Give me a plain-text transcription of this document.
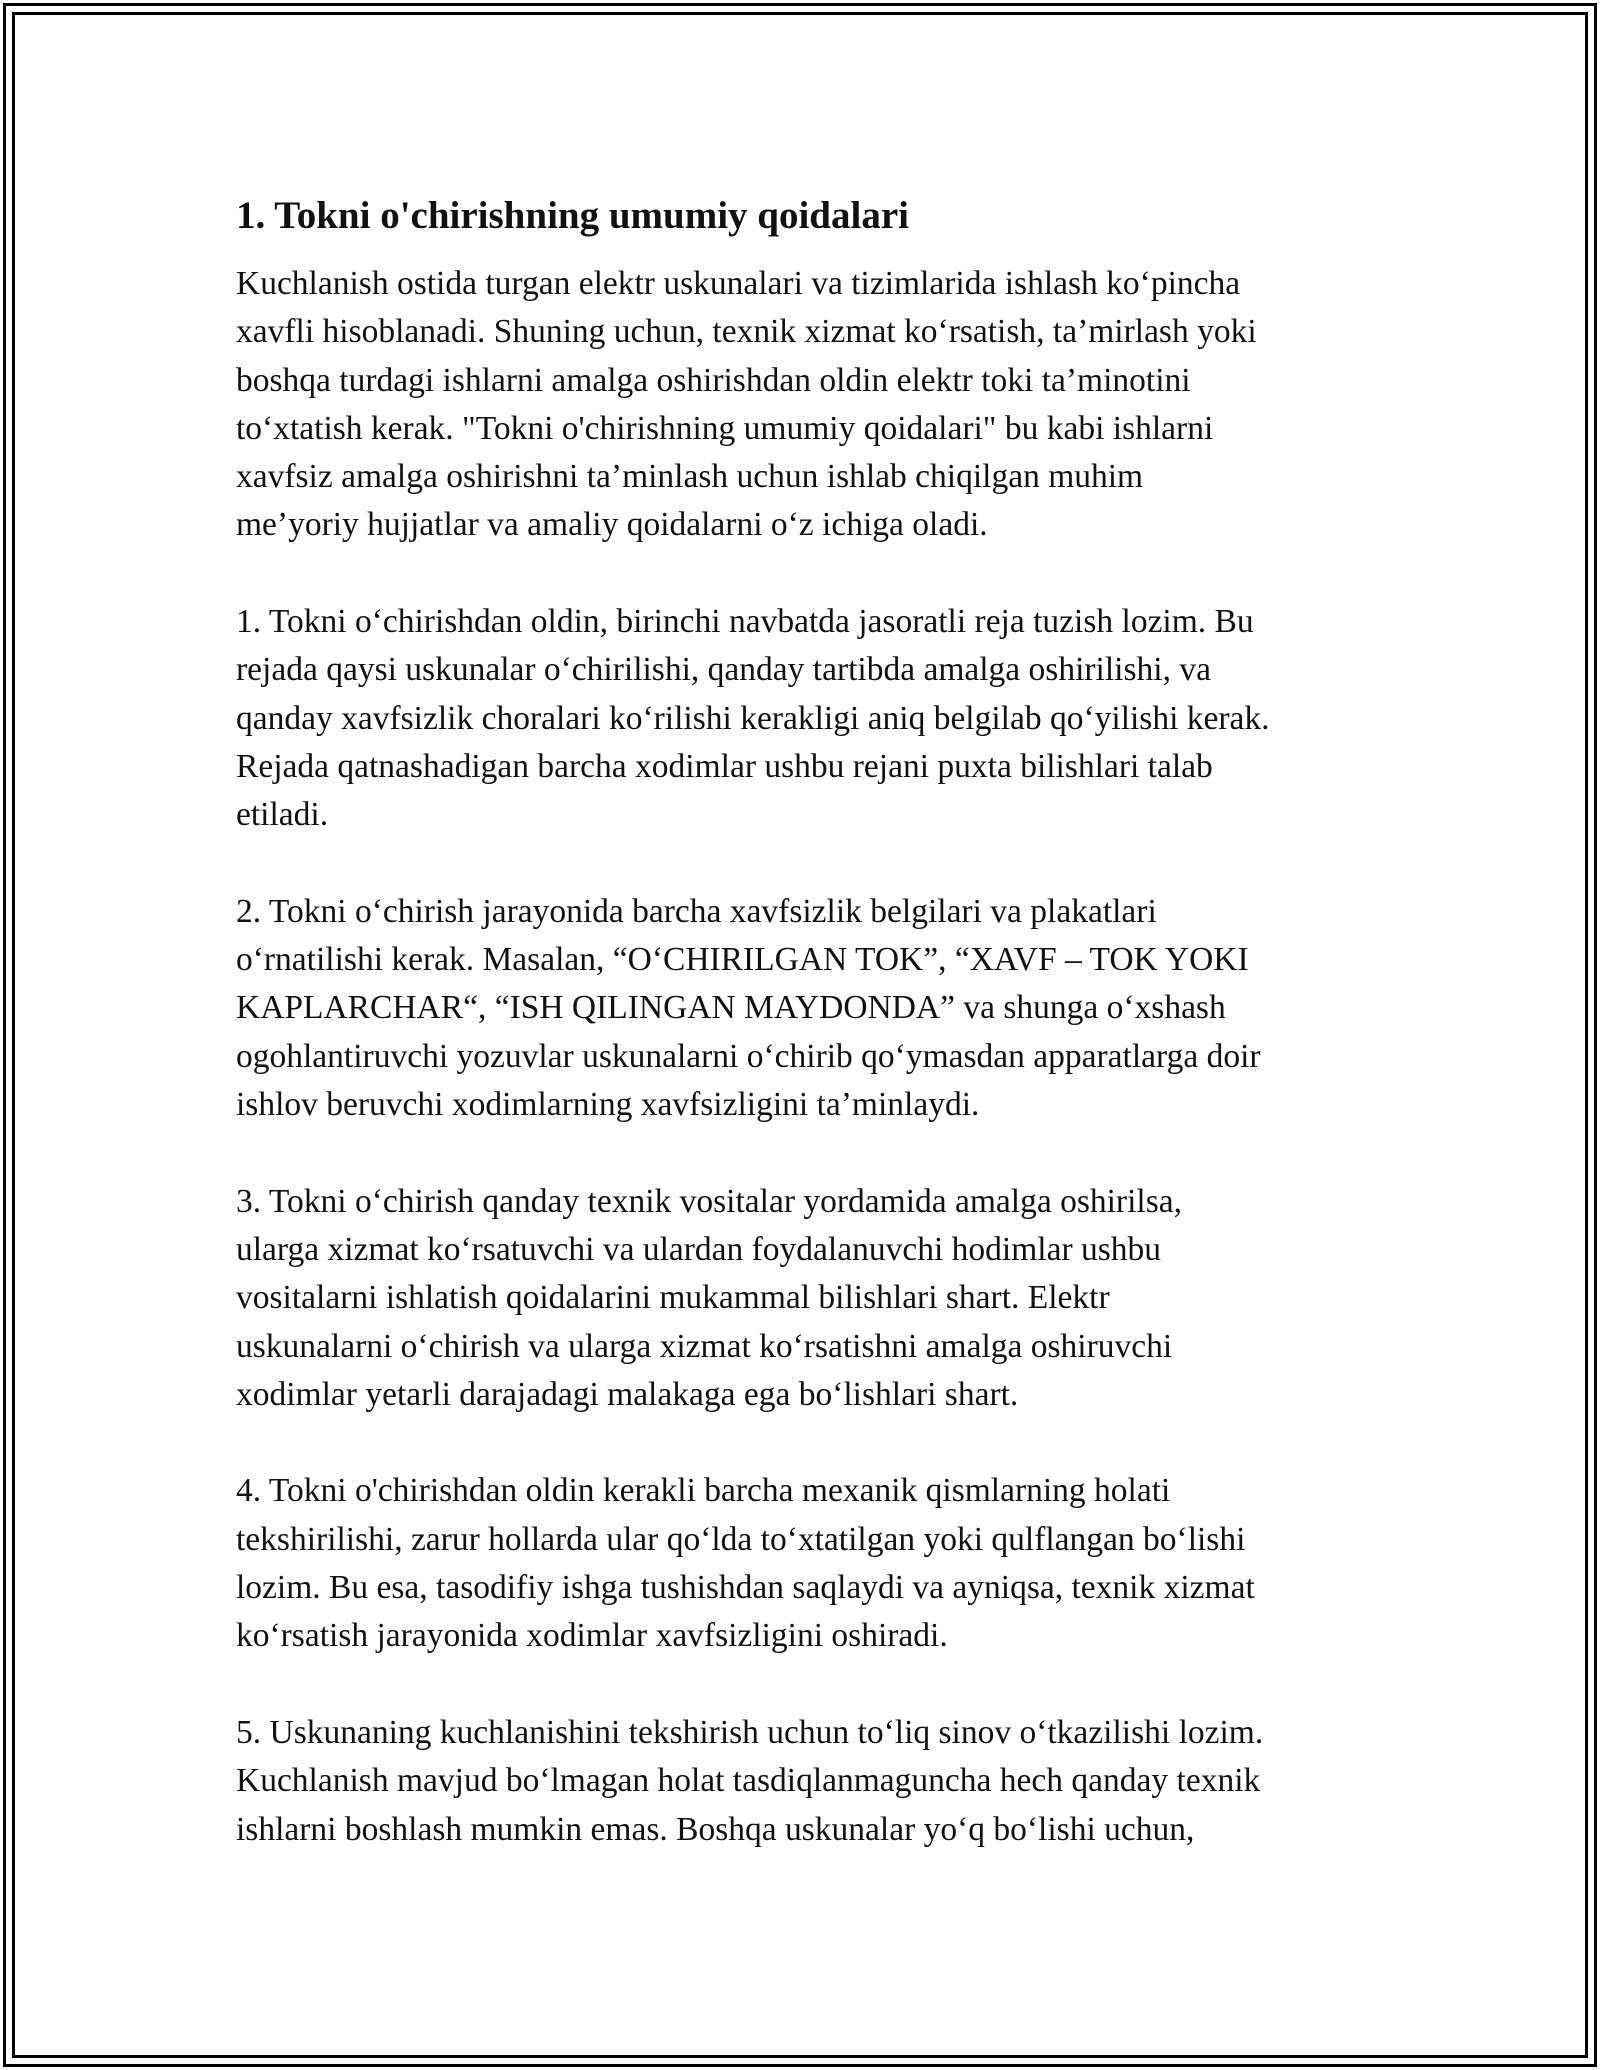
1. Tokni o'chirishning umumiy qoidalari

Kuchlanish ostida turgan elektr uskunalari va tizimlarida ishlash ko‘pincha
xavfli hisoblanadi. Shuning uchun, texnik xizmat ko‘rsatish, ta’mirlash yoki
boshqa turdagi ishlarni amalga oshirishdan oldin elektr toki ta’minotini
to‘xtatish kerak. "Tokni o'chirishning umumiy qoidalari" bu kabi ishlarni
xavfsiz amalga oshirishni ta’minlash uchun ishlab chiqilgan muhim
me’yoriy hujjatlar va amaliy qoidalarni o‘z ichiga oladi.

1. Tokni o‘chirishdan oldin, birinchi navbatda jasoratli reja tuzish lozim. Bu
rejada qaysi uskunalar o‘chirilishi, qanday tartibda amalga oshirilishi, va
qanday xavfsizlik choralari ko‘rilishi kerakligi aniq belgilab qo‘yilishi kerak.
Rejada qatnashadigan barcha xodimlar ushbu rejani puxta bilishlari talab
etiladi.

2. Tokni o‘chirish jarayonida barcha xavfsizlik belgilari va plakatlari
o‘rnatilishi kerak. Masalan, “O‘CHIRILGAN TOK”, “XAVF – TOK YOKI
KAPLARCHAR“, “ISH QILINGAN MAYDONDA” va shunga o‘xshash
ogohlantiruvchi yozuvlar uskunalarni o‘chirib qo‘ymasdan apparatlarga doir
ishlov beruvchi xodimlarning xavfsizligini ta’minlaydi.

3. Tokni o‘chirish qanday texnik vositalar yordamida amalga oshirilsa,
ularga xizmat ko‘rsatuvchi va ulardan foydalanuvchi hodimlar ushbu
vositalarni ishlatish qoidalarini mukammal bilishlari shart. Elektr
uskunalarni o‘chirish va ularga xizmat ko‘rsatishni amalga oshiruvchi
xodimlar yetarli darajadagi malakaga ega bo‘lishlari shart.

4. Tokni o'chirishdan oldin kerakli barcha mexanik qismlarning holati
tekshirilishi, zarur hollarda ular qo‘lda to‘xtatilgan yoki qulflangan bo‘lishi
lozim. Bu esa, tasodifiy ishga tushishdan saqlaydi va ayniqsa, texnik xizmat
ko‘rsatish jarayonida xodimlar xavfsizligini oshiradi.

5. Uskunaning kuchlanishini tekshirish uchun to‘liq sinov o‘tkazilishi lozim.
Kuchlanish mavjud bo‘lmagan holat tasdiqlanmaguncha hech qanday texnik
ishlarni boshlash mumkin emas. Boshqa uskunalar yo‘q bo‘lishi uchun,
